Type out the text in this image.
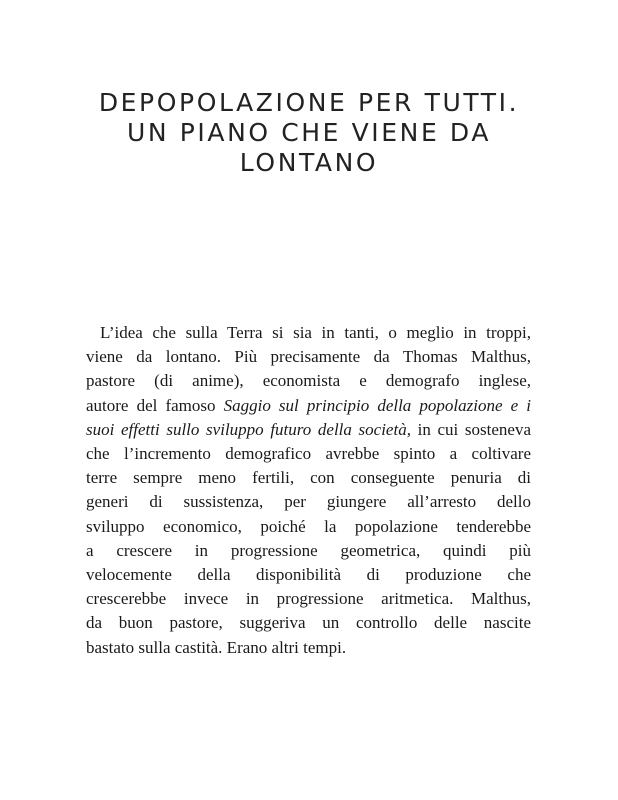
DEPOPOLAZIONE PER TUTTI.
UN PIANO CHE VIENE DA
LONTANO
L’idea che sulla Terra si sia in tanti, o meglio in troppi,
viene da lontano. Più precisamente da Thomas Malthus,
pastore (di anime), economista e demografo inglese,
autore del famoso Saggio sul principio della popolazione e i
suoi effetti sullo sviluppo futuro della società, in cui sosteneva
che l’incremento demografico avrebbe spinto a coltivare
terre sempre meno fertili, con conseguente penuria di
generi di sussistenza, per giungere all’arresto dello
sviluppo economico, poiché la popolazione tenderebbe
a crescere in progressione geometrica, quindi più
velocemente della disponibilità di produzione che
crescerebbe invece in progressione aritmetica. Malthus,
da buon pastore, suggeriva un controllo delle nascite
bastato sulla castità. Erano altri tempi.
